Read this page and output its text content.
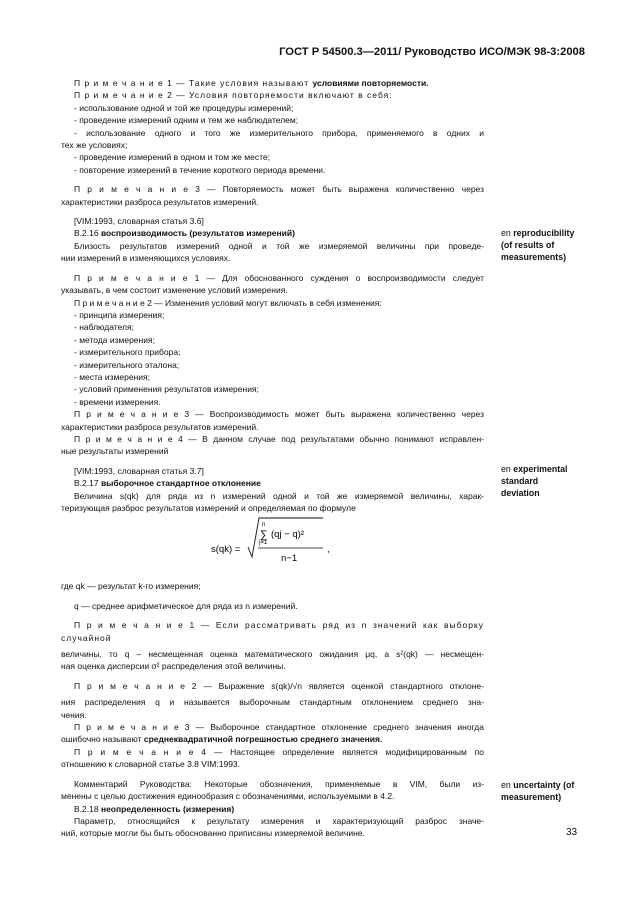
ГОСТ Р 54500.3—2011/ Руководство ИСО/МЭК 98-3:2008

П р и м е ч а н и е 1 — Такие условия называют условиями повторяемости.

П р и м е ч а н и е 2 — Условия повторяемости включают в себя:

- использование одной и той же процедуры измерений;

- проведение измерений одним и тем же наблюдателем;

- использование одного и того же измерительного прибора, применяемого в одних и

тех же условиях;

- проведение измерений в одном и том же месте;

- повторение измерений в течение короткого периода времени.

П р и м е ч а н и е 3 — Повторяемость может быть выражена количественно через

характеристики разброса результатов измерений.

[VIM:1993, словарная статья 3.6]

B.2.16 воспроизводимость (результатов измерений)

Близость результатов измерений одной и той же измеряемой величины при проведе-

нии измерений в изменяющихся условиях.

П р и м е ч а н и е 1 — Для обоснованного суждения о воспроизводимости следует

указывать, в чем состоит изменение условий измерения.

П р и м е ч а н и е 2 — Изменения условий могут включать в себя изменения:

- принципа измерения;

- наблюдателя;

- метода измерения;

- измерительного прибора;

- измерительного эталона;

- места измерения;

- условий применения результатов измерения;

- времени измерения.

П р и м е ч а н и е 3 — Воспроизводимость может быть выражена количественно через

характеристики разброса результатов измерений.

П р и м е ч а н и е 4 — В данном случае под результатами обычно понимают исправлен-

ные результаты измерений

[VIM:1993, словарная статья 3.7]

B.2.17 выборочное стандартное отклонение

Величина s(qk) для ряда из n измерений одной и той же измеряемой величины, харак-

теризующая разброс результатов измерений и определяемая по формуле

s(qk) =
n
∑
j=1
(qj − q)²
n−1
,

где qk — результат k-го измерения;

q — среднее арифметическое для ряда из n измерений.

П р и м е ч а н и е 1 — Если рассматривать ряд из n значений как выборку случайной

величины, то q – несмещенная оценка математического ожидания μq, a s²(qk) — несмещен-

ная оценка дисперсии σ² распределения этой величины.

П р и м е ч а н и е 2 — Выражение s(qk)/√n является оценкой стандартного отклоне-

ния распределения q и называется выборочным стандартным отклонением среднего зна-

чения.

П р и м е ч а н и е 3 — Выборочное стандартное отклонение среднего значения иногда

ошибочно называют среднеквадратичной погрешностью среднего значения.

П р и м е ч а н и е 4 — Настоящее определение является модифицированным по

отношению к словарной статье 3.8 VIM:1993.

Комментарий Руководства: Некоторые обозначения, применяемые в VIM, были из-

менены с целью достижения единообразия с обозначениями, используемыми в 4.2.

B.2.18 неопределенность (измерения)

Параметр, относящийся к результату измерения и характеризующий разброс значе-

ний, которые могли бы быть обоснованно приписаны измеряемой величине.

en reproducibility
(of results of
measurements)
en experimental
standard
deviation
en uncertainty (of
measurement)
33
